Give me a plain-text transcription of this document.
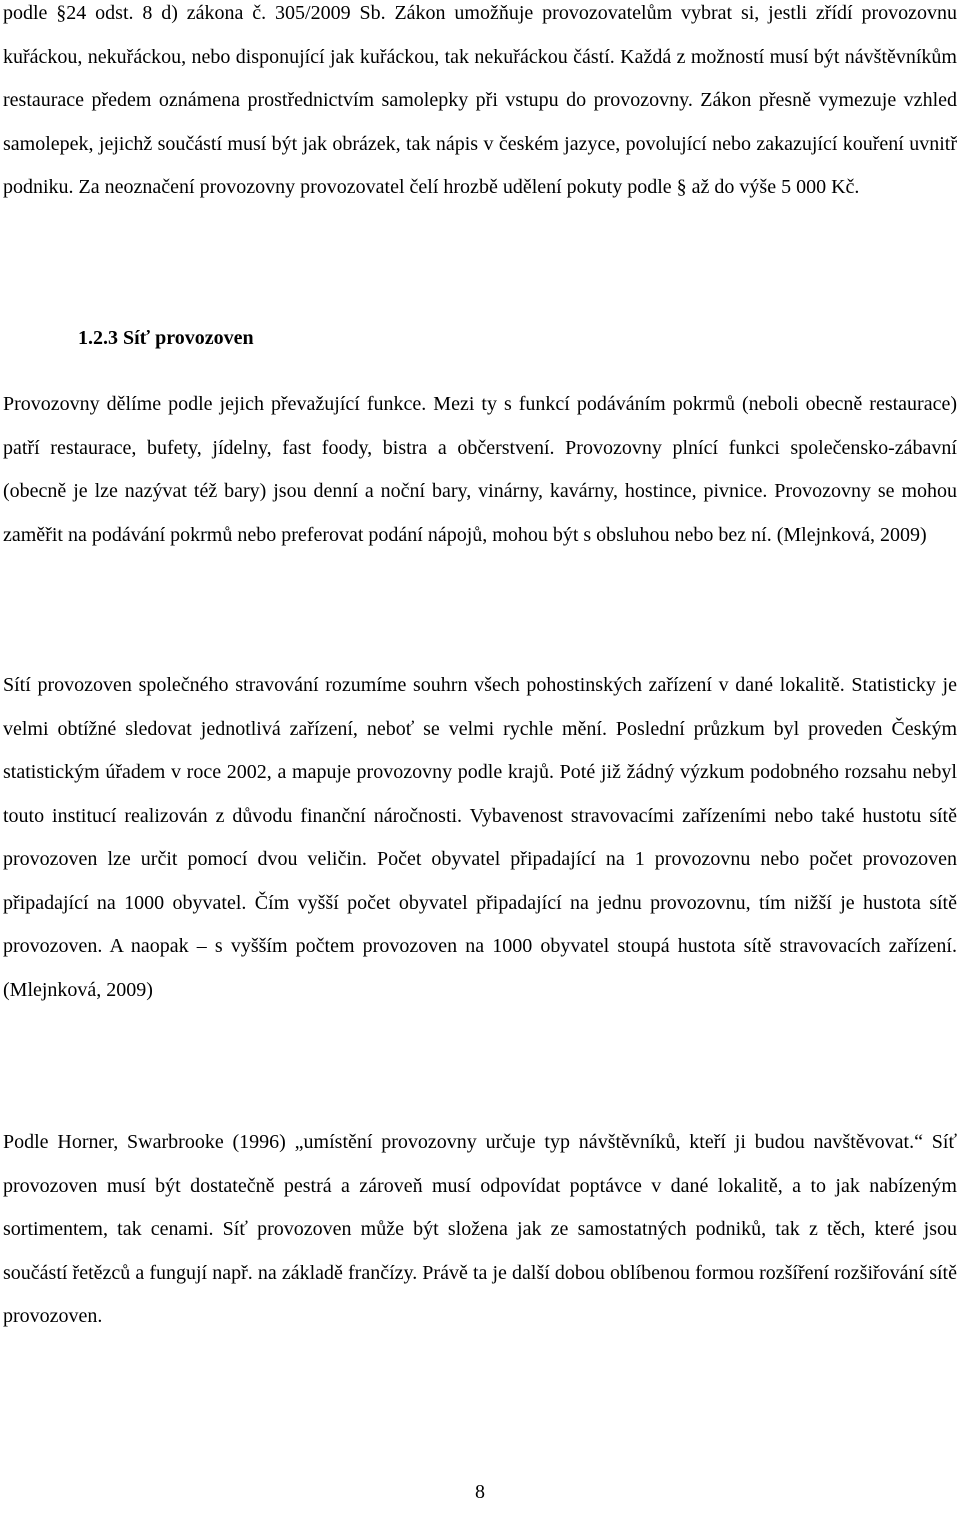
podle §24 odst. 8 d) zákona č. 305/2009 Sb. Zákon umožňuje provozovatelům vybrat si, jestli zřídí provozovnu kuřáckou, nekuřáckou, nebo disponující jak kuřáckou, tak nekuřáckou částí. Každá z možností musí být návštěvníkům restaurace předem oznámena prostřednictvím samolepky při vstupu do provozovny. Zákon přesně vymezuje vzhled samolepek, jejichž součástí musí být jak obrázek, tak nápis v českém jazyce, povolující nebo zakazující kouření uvnitř podniku. Za neoznačení provozovny provozovatel čelí hrozbě udělení pokuty podle § až do výše 5 000 Kč.

1.2.3 Síť provozoven

Provozovny dělíme podle jejich převažující funkce. Mezi ty s funkcí podáváním pokrmů (neboli obecně restaurace) patří restaurace, bufety, jídelny, fast foody, bistra a občerstvení. Provozovny plnící funkci společensko-zábavní (obecně je lze nazývat též bary) jsou denní a noční bary, vinárny, kavárny, hostince, pivnice. Provozovny se mohou zaměřit na podávání pokrmů nebo preferovat podání nápojů, mohou být s obsluhou nebo bez ní. (Mlejnková, 2009)

Sítí provozoven společného stravování rozumíme souhrn všech pohostinských zařízení v dané lokalitě. Statisticky je velmi obtížné sledovat jednotlivá zařízení, neboť se velmi rychle mění. Poslední průzkum byl proveden Českým statistickým úřadem v roce 2002, a mapuje provozovny podle krajů. Poté již žádný výzkum podobného rozsahu nebyl touto institucí realizován z důvodu finanční náročnosti. Vybavenost stravovacími zařízeními nebo také hustotu sítě provozoven lze určit pomocí dvou veličin. Počet obyvatel připadající na 1 provozovnu nebo počet provozoven připadající na 1000 obyvatel. Čím vyšší počet obyvatel připadající na jednu provozovnu, tím nižší je hustota sítě provozoven. A naopak – s vyšším počtem provozoven na 1000 obyvatel stoupá hustota sítě stravovacích zařízení. (Mlejnková, 2009)

Podle Horner, Swarbrooke (1996) „umístění provozovny určuje typ návštěvníků, kteří ji budou navštěvovat.“ Síť provozoven musí být dostatečně pestrá a zároveň musí odpovídat poptávce v dané lokalitě, a to jak nabízeným sortimentem, tak cenami. Síť provozoven může být složena jak ze samostatných podniků, tak z těch, které jsou součástí řetězců a fungují např. na základě frančízy. Právě ta je další dobou oblíbenou formou rozšíření rozšiřování sítě provozoven.

8
